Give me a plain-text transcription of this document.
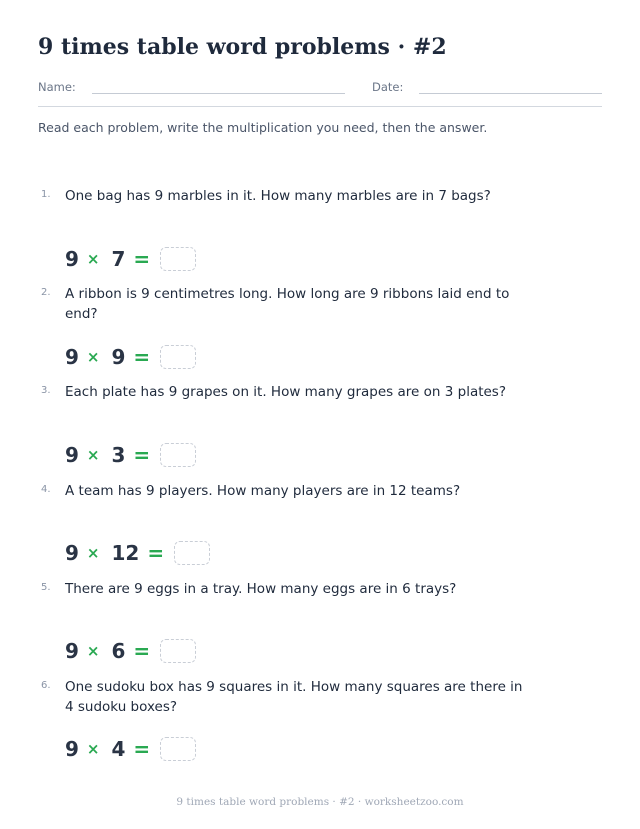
9 times table word problems · #2
Name:	Date:
Read each problem, write the multiplication you need, then the answer.
1. One bag has 9 marbles in it. How many marbles are in 7 bags?
9 × 7 =
2. A ribbon is 9 centimetres long. How long are 9 ribbons laid end to end?
9 × 9 =
3. Each plate has 9 grapes on it. How many grapes are on 3 plates?
9 × 3 =
4. A team has 9 players. How many players are in 12 teams?
9 × 12 =
5. There are 9 eggs in a tray. How many eggs are in 6 trays?
9 × 6 =
6. One sudoku box has 9 squares in it. How many squares are there in 4 sudoku boxes?
9 × 4 =
9 times table word problems · #2 · worksheetzoo.com
